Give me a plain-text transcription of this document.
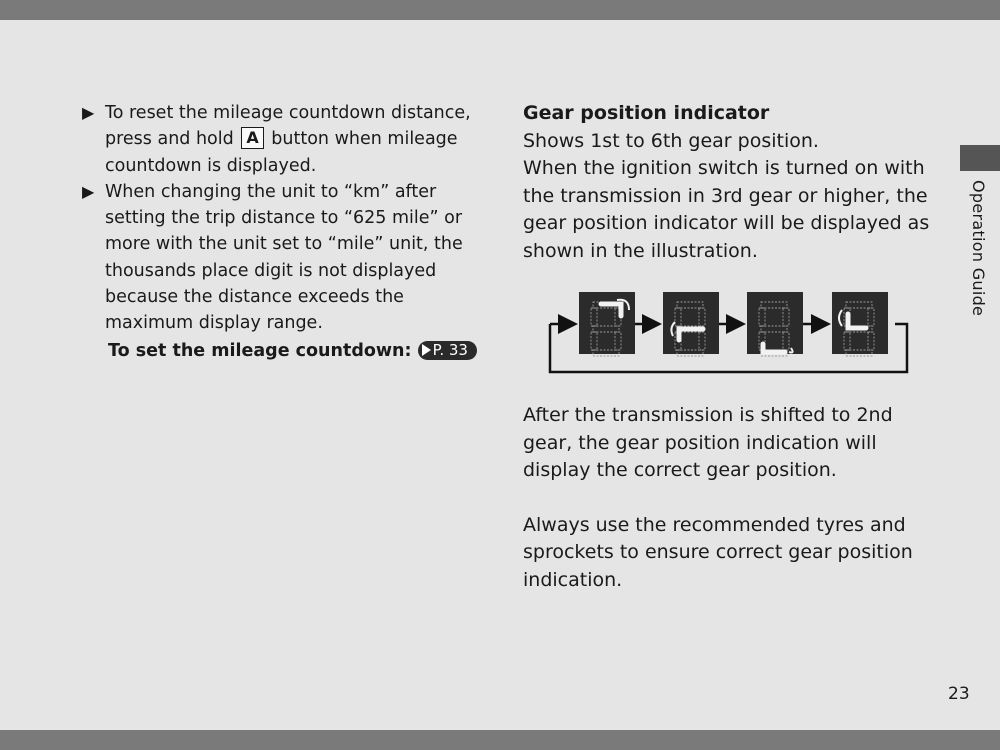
▶ To reset the mileage countdown distance, press and hold A button when mileage countdown is displayed.
▶ When changing the unit to “km” after setting the trip distance to “625 mile” or more with the unit set to “mile” unit, the thousands place digit is not displayed because the distance exceeds the maximum display range.
To set the mileage countdown: P. 33
Gear position indicator

Shows 1st to 6th gear position.

When the ignition switch is turned on with the transmission in 3rd gear or higher, the gear position indicator will be displayed as shown in the illustration.

After the transmission is shifted to 2nd gear, the gear position indication will display the correct gear position.

Always use the recommended tyres and sprockets to ensure correct gear position indication.

Operation Guide
23
